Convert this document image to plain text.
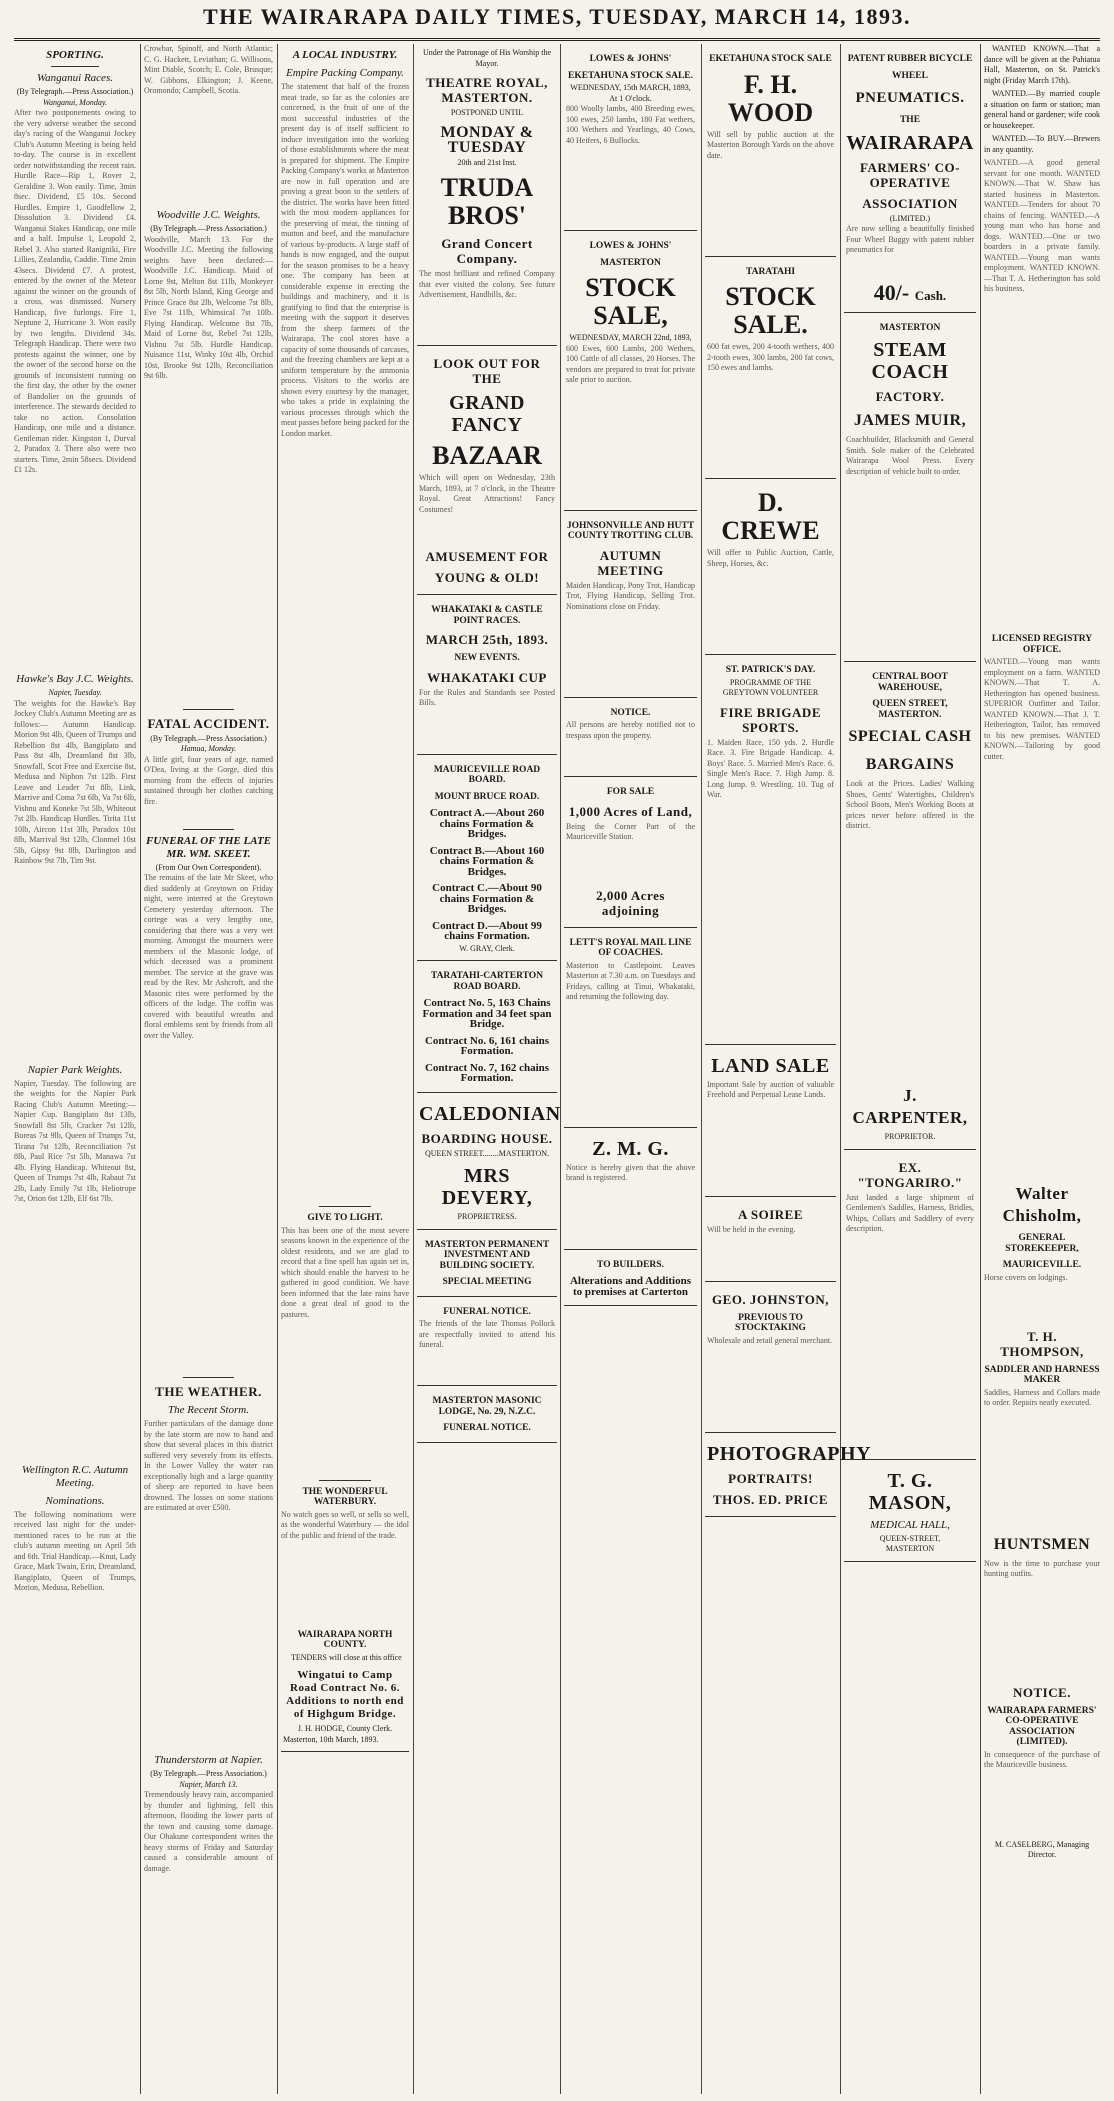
THE WAIRARAPA DAILY TIMES, TUESDAY, MARCH 14, 1893.
SPORTING.
Wanganui Races.
(By Telegraph.—Press Association.)
Wanganui, Monday.
After two postponements owing to the very adverse weather the second day's racing of the Wanganui Jockey Club's Autumn Meeting is being held to-day. The course is in excellent order notwithstanding the recent rain. Hurdle Race—Rip 1, Rover 2, Geraldine 3. Won easily. Time, 3min 8sec. Dividend, £5 10s. Second Hurdles. Empire 1, Goodfellow 2, Dissolution 3. Dividend £4. Wanganui Stakes Handicap, one mile and a half. Impulse 1, Leopold 2, Rebel 3. Also started Ranigniki, Fire Lillies, Zealandia, Caddie. Time 2min 43secs. Dividend £7. A protest, entered by the owner of the Meteor against the winner on the grounds of a cross, was dismissed. Nursery Handicap, five furlongs. Fire 1, Neptune 2, Hurricane 3. Won easily by two lengths. Dividend 34s. Telegraph Handicap. There were two protests against the winner, one by the owner of the second horse on the grounds of inconsistent running on the first day, the other by the owner of Bandolier on the grounds of interference. The stewards decided to take no action. Consolation Handicap, one mile and a distance. Gentleman rider. Kingston 1, Durval 2, Paradox 3. There also were two starters. Time, 2min 58secs. Dividend £1 12s.
Hawke's Bay J.C. Weights.
Napier, Tuesday.
The weights for the Hawke's Bay Jockey Club's Autumn Meeting are as follows:— Autumn Handicap. Morion 9st 4lb, Queen of Trumps and Rebellion 8st 4lb, Bangiplato and Pass 8st 4lb, Dreamland 8st 3lb, Snowfall, Scot Free and Exercise 8st, Medusa and Niphon 7st 12lb. First Leave and Leader 7st 8lb, Link, Marrive and Coma 7st 6lb, Va 7st 6lb, Vishnu and Koneke 7st 5lb, Whiteout 7st 2lb. Handicap Hurdles. Tirita 11st 10lb, Aircon 11st 3lb, Paradox 10st 8lb, Marrival 9st 12lb, Clonmel 10st 5lb, Gipsy 9st 8lb, Darlington and Rainbow 9st 7lb, Tim 9st.
Napier Park Weights.
Napier, Tuesday. The following are the weights for the Napier Park Racing Club's Autumn Meeting:— Napier Cup. Bangiplato 8st 13lb, Snowfall 8st 5lb, Cracker 7st 12lb, Boreas 7st 9lb, Queen of Trumps 7st, Tirana 7st 12lb, Reconciliation 7st 8lb, Paul Rice 7st 5lb, Manawa 7st 4lb. Flying Handicap. Whiteout 8st, Queen of Trumps 7st 4lb, Rabaut 7st 2lb, Lady Emily 7st 1lb, Heliotrope 7st, Orion 6st 12lb, Elf 6st 7lb.
Wellington R.C. Autumn Meeting.
Nominations.
The following nominations were received last night for the under-mentioned races to be run at the club's autumn meeting on April 5th and 6th. Trial Handicap.—Knut, Lady Grace, Mark Twain, Erin, Dreamland, Bangiplato, Queen of Trumps, Morion, Medusa, Rebellion.
Crowbar, Spinoff, and North Atlantic; C. G. Hackett, Leviathan; G. Willisons, Mint Diable, Scotch; E. Cole, Brusque; W. Gibbons, Elkington; J. Keene, Oromondo; Campbell, Scotia.
Woodville J.C. Weights.
(By Telegraph.—Press Association.)
Woodville, March 13. For the Woodville J.C. Meeting the following weights have been declared:— Woodville J.C. Handicap. Maid of Lorne 9st, Melton 8st 11lb, Monkeyer 8st 5lb, North Island, King George and Prince Grace 8st 2lb, Welcome 7st 8lb, Eve 7st 11lb, Whimsical 7st 10lb. Flying Handicap. Welcome 8st 7lb, Maid of Lorne 8st, Rebel 7st 12lb, Vishnu 7st 5lb. Hurdle Handicap. Nuisance 11st, Winky 10st 4lb, Orchid 10st, Brooke 9st 12lb, Reconciliation 9st 6lb.
FATAL ACCIDENT.
(By Telegraph.—Press Association.)
Hamua, Monday.
A little girl, four years of age, named O'Dea, living at the Gorge, died this morning from the effects of injuries sustained through her clothes catching fire.
FUNERAL OF THE LATE MR. WM. SKEET.
(From Our Own Correspondent).
The remains of the late Mr Skeet, who died suddenly at Greytown on Friday night, were interred at the Greytown Cemetery yesterday afternoon. The cortege was a very lengthy one, considering that there was a very wet morning. Amongst the mourners were members of the Masonic lodge, of which deceased was a prominent member. The service at the grave was read by the Rev. Mr Ashcroft, and the Masonic rites were performed by the officers of the lodge. The coffin was covered with beautiful wreaths and floral emblems sent by friends from all over the Valley.
THE WEATHER.
The Recent Storm.
Further particulars of the damage done by the late storm are now to hand and show that several places in this district suffered very severely from its effects. In the Lower Valley the water ran exceptionally high and a large quantity of sheep are reported to have been drowned. The losses on some stations are estimated at over £500.
Thunderstorm at Napier.
(By Telegraph.—Press Association.)
Napier, March 13.
Tremendously heavy rain, accompanied by thunder and lightning, fell this afternoon, flooding the lower parts of the town and causing some damage. Our Ohakune correspondent writes the heavy storms of Friday and Saturday caused a considerable amount of damage.
A LOCAL INDUSTRY.
Empire Packing Company.
The statement that half of the frozen meat trade, so far as the colonies are concerned, is the fruit of one of the most successful industries of the present day is of itself sufficient to induce investigation into the working of those establishments where the meat is prepared for shipment. The Empire Packing Company's works at Masterton are now in full operation and are proving a great boon to the settlers of the district. The works have been fitted with the most modern appliances for the preserving of meat, the tinning of mutton and beef, and the manufacture of various by-products. A large staff of hands is now engaged, and the output for the season promises to be a heavy one. The company has been at considerable expense in erecting the buildings and machinery, and it is gratifying to find that the enterprise is meeting with the support it deserves from the sheep farmers of the Wairarapa. The cool stores have a capacity of some thousands of carcases, and the freezing chambers are kept at a uniform temperature by the ammonia process. Visitors to the works are shown every courtesy by the manager, who takes a pride in explaining the various processes through which the meat passes before being packed for the London market.
GIVE TO LIGHT.
This has been one of the most severe seasons known in the experience of the oldest residents, and we are glad to record that a fine spell has again set in, which should enable the harvest to be gathered in good condition. We have been informed that the late rains have done a great deal of good to the pastures.
THE WONDERFUL WATERBURY.
No watch goes so well, or sells so well, as the wonderful Waterbury — the idol of the public and friend of the trade.
WAIRARAPA NORTH COUNTY.

TENDERS will close at this office

Wingatui to Camp Road Contract No. 6. Additions to north end of Highgum Bridge.
J. H. HODGE, County Clerk.
Masterton, 10th March, 1893.
Under the Patronage of His Worship the Mayor.
THEATRE ROYAL, MASTERTON.
POSTPONED UNTIL
MONDAY & TUESDAY
20th and 21st Inst.
TRUDA BROS'
Grand Concert Company.
The most brilliant and refined Company that ever visited the colony. See future Advertisement, Handbills, &c.
LOOK OUT FOR THE
GRAND FANCY
BAZAAR
Which will open on Wednesday, 23th March, 1893, at 7 o'clock, in the Theatre Royal. Great Attractions! Fancy Costumes!
AMUSEMENT FOR
YOUNG & OLD!
WHAKATAKI & CASTLE POINT RACES.
MARCH 25th, 1893.
NEW EVENTS.
WHAKATAKI CUP
For the Rules and Standards see Posted Bills.
MAURICEVILLE ROAD BOARD.
MOUNT BRUCE ROAD.
Contract A.—About 260 chains Formation & Bridges.
Contract B.—About 160 chains Formation & Bridges.
Contract C.—About 90 chains Formation & Bridges.
Contract D.—About 99 chains Formation.
W. GRAY, Clerk.
TARATAHI-CARTERTON ROAD BOARD.
Contract No. 5, 163 Chains Formation and 34 feet span Bridge.
Contract No. 6, 161 chains Formation.
Contract No. 7, 162 chains Formation.
CALEDONIAN
BOARDING HOUSE.
QUEEN STREET........MASTERTON.
MRS DEVERY,
PROPRIETRESS.
MASTERTON PERMANENT INVESTMENT AND BUILDING SOCIETY.
SPECIAL MEETING
FUNERAL NOTICE.
The friends of the late Thomas Pollock are respectfully invited to attend his funeral.
MASTERTON MASONIC LODGE, No. 29, N.Z.C.
FUNERAL NOTICE.
LOWES & JOHNS'
EKETAHUNA STOCK SALE.
WEDNESDAY, 15th MARCH, 1893,
At 1 O'clock.
800 Woolly lambs, 400 Breeding ewes, 100 ewes, 250 lambs, 180 Fat wethers, 100 Wethers and Yearlings, 40 Cows, 40 Heifers, 6 Bullocks.
LOWES & JOHNS'
MASTERTON
STOCK SALE,
WEDNESDAY, MARCH 22nd, 1893,
600 Ewes, 600 Lambs, 200 Wethers, 100 Cattle of all classes, 20 Horses. The vendors are prepared to treat for private sale prior to auction.
JOHNSONVILLE AND HUTT COUNTY TROTTING CLUB.
AUTUMN MEETING
Maiden Handicap, Pony Trot, Handicap Trot, Flying Handicap, Selling Trot. Nominations close on Friday.
NOTICE.
All persons are hereby notified not to trespass upon the property.
FOR SALE
1,000 Acres of Land,
Being the Corner Part of the Mauriceville Station.
2,000 Acres adjoining
LETT'S ROYAL MAIL LINE OF COACHES.
Masterton to Castlepoint. Leaves Masterton at 7.30 a.m. on Tuesdays and Fridays, calling at Tinui, Whakataki, and returning the following day.
Z. M. G.
Notice is hereby given that the above brand is registered.
TO BUILDERS.
Alterations and Additions to premises at Carterton
EKETAHUNA STOCK SALE
F. H. WOOD
Will sell by public auction at the Masterton Borough Yards on the above date.
TARATAHI
STOCK SALE.
600 fat ewes, 200 4-tooth wethers, 400 2-tooth ewes, 300 lambs, 200 fat cows, 150 ewes and lambs.
D. CREWE
Will offer to Public Auction, Cattle, Sheep, Horses, &c.
ST. PATRICK'S DAY.
PROGRAMME OF THE GREYTOWN VOLUNTEER
FIRE BRIGADE SPORTS.
1. Maiden Race, 150 yds. 2. Hurdle Race. 3. Fire Brigade Handicap. 4. Boys' Race. 5. Married Men's Race. 6. Single Men's Race. 7. High Jump. 8. Long Jump. 9. Wrestling. 10. Tug of War.
LAND SALE
Important Sale by auction of valuable Freehold and Perpetual Lease Lands.
A SOIREE
Will be held in the evening.
GEO. JOHNSTON,
PREVIOUS TO STOCKTAKING
Wholesale and retail general merchant.
PHOTOGRAPHY
PORTRAITS!
THOS. ED. PRICE
PATENT RUBBER BICYCLE
WHEEL
PNEUMATICS.
THE
WAIRARAPA
FARMERS' CO-OPERATIVE
ASSOCIATION
(LIMITED.)
Are now selling a beautifully finished Four Wheel Buggy with patent rubber pneumatics for
40/- Cash.
MASTERTON
STEAM COACH
FACTORY.
JAMES MUIR,
Coachbuilder, Blacksmith and General Smith. Sole maker of the Celebrated Wairarapa Wool Press. Every description of vehicle built to order.
CENTRAL BOOT WAREHOUSE,
QUEEN STREET, MASTERTON.
SPECIAL CASH
BARGAINS
Look at the Prices. Ladies' Walking Shoes, Gents' Watertights, Children's School Boots, Men's Working Boots at prices never before offered in the district.
J. CARPENTER,
PROPRIETOR.
EX. "TONGARIRO."
Just landed a large shipment of Gentlemen's Saddles, Harness, Bridles, Whips, Collars and Saddlery of every description.
T. G. MASON,
MEDICAL HALL,
QUEEN-STREET,
MASTERTON

WANTED KNOWN.—That a dance will be given at the Pahiatua Hall, Masterton, on St. Patrick's night (Friday March 17th).

WANTED.—By married couple a situation on farm or station; man general hand or gardener; wife cook or housekeeper.

WANTED.—To BUY.—Brewers in any quantity.

WANTED.—A good general servant for one month. WANTED KNOWN.—That W. Shaw has started business in Masterton. WANTED.—Tenders for about 70 chains of fencing. WANTED.—A young man who has horse and dogs. WANTED.—One or two boarders in a private family. WANTED.—Young man wants employment. WANTED KNOWN.—That T. A. Hetherington has sold his business.
LICENSED REGISTRY OFFICE.
WANTED.—Young man wants employment on a farm. WANTED KNOWN.—That T. A. Hetherington has opened business. SUPERIOR Outfitter and Tailor. WANTED KNOWN.—That J. T. Hetherington, Tailor, has removed to his new premises. WANTED KNOWN.—Tailoring by good cutter.
Walter Chisholm,
GENERAL STOREKEEPER,
MAURICEVILLE.
Horse covers on lodgings.
T. H. THOMPSON,
SADDLER AND HARNESS MAKER
Saddles, Harness and Collars made to order. Repairs neatly executed.
HUNTSMEN
Now is the time to purchase your hunting outfits.
NOTICE.
WAIRARAPA FARMERS' CO-OPERATIVE ASSOCIATION (LIMITED).
In consequence of the purchase of the Mauriceville business.
M. CASELBERG, Managing Director.
